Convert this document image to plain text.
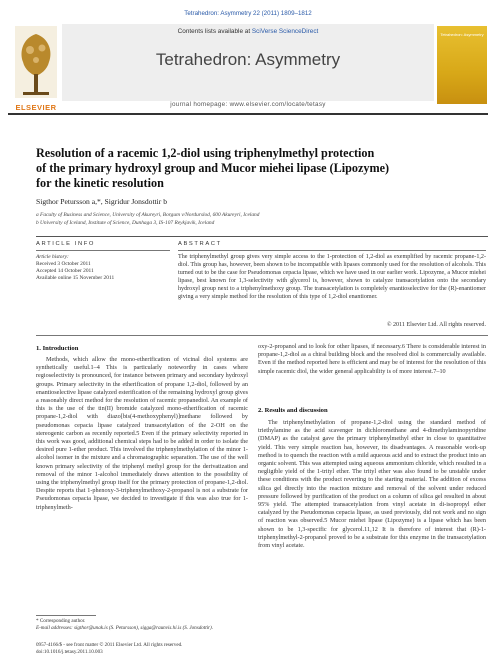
Tetrahedron: Asymmetry 22 (2011) 1809–1812
ELSEVIER
Contents lists available at SciVerse ScienceDirect
Tetrahedron: Asymmetry
journal homepage: www.elsevier.com/locate/tetasy
Tetrahedron: Asymmetry
Resolution of a racemic 1,2-diol using triphenylmethyl protection
of the primary hydroxyl group and Mucor miehei lipase (Lipozyme)
for the kinetic resolution
Sigthor Petursson a,*, Sigridur Jonsdottir b
a Faculty of Business and Science, University of Akureyri, Borgum v/Nordurslod, 600 Akureyri, Iceland
b University of Iceland, Institute of Science, Dunhaga 3, IS-107 Reykjavik, Iceland
ARTICLE INFO
Article history:
Received 3 October 2011
Accepted 14 October 2011
Available online 15 November 2011
ABSTRACT
The triphenylmethyl group gives very simple access to the 1-protection of 1,2-diol as exemplified by racemic propane-1,2-diol. This group has, however, been shown to be incompatible with lipases commonly used for the resolution of alcohols. This turned out to be the case for Pseudomonas cepacia lipase, which we have used in our earlier work. Lipozyme, a Mucor miehei lipase, best known for 1,3-selectivity with glycerol is, however, shown to catalyze transacetylation onto the secondary hydroxyl group next to a triphenylmethoxy group. The transacetylation is completely enantioselective for the (R)-enantiomer giving a very simple method for the resolution of this type of 1,2-diol enantiomer.
© 2011 Elsevier Ltd. All rights reserved.
1. Introduction

Methods, which allow the mono-etherification of vicinal diol systems are synthetically useful.1–4 This is particularly noteworthy in cases where regioselectivity is pronounced, for instance between primary and secondary hydroxyl groups. Primary selectivity in the etherification of propane 1,2-diol, followed by an enantioselective lipase catalyzed esterification of the remaining hydroxyl group gives a reasonably direct method for the resolution of racemic propanediol. An example of this is the use of the tin(II) bromide catalyzed mono-etherification of racemic propane-1,2-diol with diazo[bis(4-methoxyphenyl)]methane followed by pseudomonas cepacia lipase catalyzed transacetylation of the 2-OH on the stereogenic carbon as recently reported.5 Even if the primary selectivity reported in this work was good, additional chemical steps had to be added in order to isolate the desired pure 1-ether product. This involved the triphenylmethylation of the minor 1-alcohol isomer in the mixture and a chromatographic separation. The use of the well known primary selectivity of the triphenyl methyl group for the derivatization and removal of the minor 1-alcohol immediately draws attention to the possibility of using the triphenylmethyl group itself for the primary protection of propane-1,2-diol. Despite reports that 1-phenoxy-3-triphenylmethoxy-2-propanol is not a substrate for Pseudomonas cepacia lipase, we decided to investigate if this was also true for 1-triphenylmeth-

oxy-2-propanol and to look for other lipases, if necessary.6 There is considerable interest in propane-1,2-diol as a chiral building block and the resolved diol is commercially available. Even if the method reported here is efficient and may be of interest for the resolution of this simple racemic diol, the wider general applicability is of more interest.7–10

2. Results and discussion

The triphenylmethylation of propane-1,2-diol using the standard method of triethylamine as the acid scavenger in dichloromethane and 4-dimethylaminopyridine (DMAP) as the catalyst gave the primary triphenylmethyl ether in close to quantitative yield. This very simple reaction has, however, its disadvantages. A reasonable work-up method is to quench the reaction with a mild aqueous acid and to extract the product into an organic solvent. This was attempted using aqueous ammonium chloride, which resulted in a negligible yield of the 1-trityl ether. The trityl ether was also found to be unstable under these conditions with the product reverting to the starting material. The addition of excess silica gel directly into the reaction mixture and removal of the solvent under reduced pressure followed by purification of the product on a column of silica gel resulted in about 95% yield. The attempted transacetylation from vinyl acetate in di-isopropyl ether catalyzed by the Pseudomonas cepacia lipase, as used previously, did not work and no sign of reaction was observed.5 Mucor miehei lipase (Lipozyme) is a lipase which has been shown to be 1,3-specific for glycerol.11,12 It is therefore of interest that (R)-1-triphenylmethyl-2-propanol proved to be a substrate for this enzyme in the transacetylation from vinyl acetate.

* Corresponding author.
E-mail addresses: sigthor@unak.is (S. Petursson), sigga@raunvis.hi.is (S. Jonsdottir).
0957-4166/$ - see front matter © 2011 Elsevier Ltd. All rights reserved.
doi:10.1016/j.tetasy.2011.10.003
